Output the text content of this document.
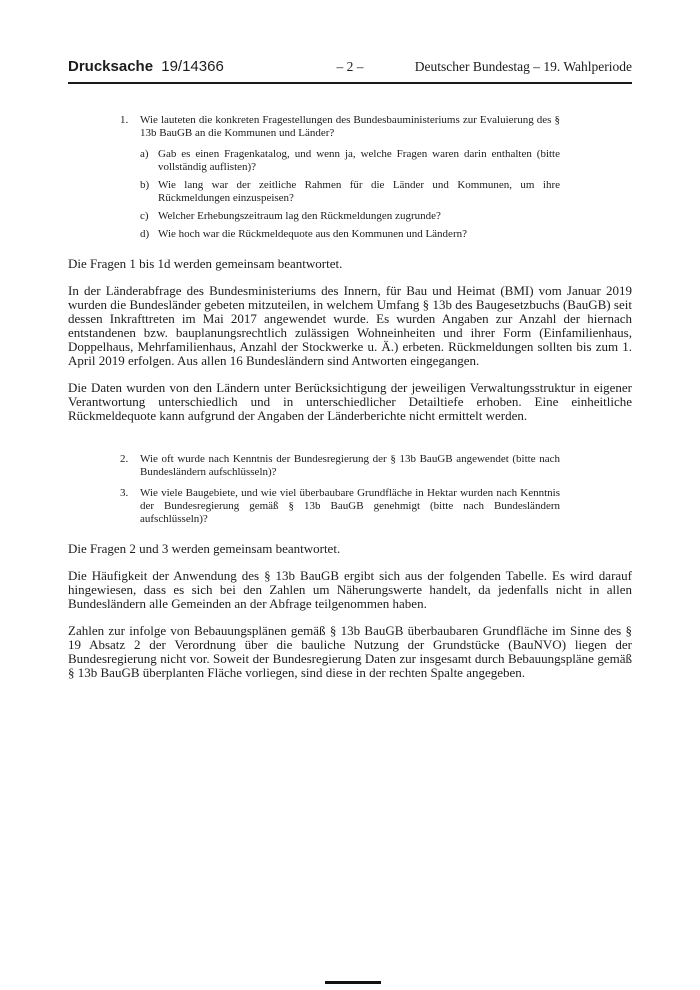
Drucksache 19/14366	– 2 –	Deutscher Bundestag – 19. Wahlperiode
1.	Wie lauteten die konkreten Fragestellungen des Bundesbauministeriums zur Evaluierung des § 13b BauGB an die Kommunen und Länder?
a) Gab es einen Fragenkatalog, und wenn ja, welche Fragen waren darin enthalten (bitte vollständig auflisten)?
b) Wie lang war der zeitliche Rahmen für die Länder und Kommunen, um ihre Rückmeldungen einzuspeisen?
c) Welcher Erhebungszeitraum lag den Rückmeldungen zugrunde?
d) Wie hoch war die Rückmeldequote aus den Kommunen und Ländern?

Die Fragen 1 bis 1d werden gemeinsam beantwortet.

In der Länderabfrage des Bundesministeriums des Innern, für Bau und Heimat (BMI) vom Januar 2019 wurden die Bundesländer gebeten mitzuteilen, in welchem Umfang § 13b des Baugesetzbuchs (BauGB) seit dessen Inkrafttreten im Mai 2017 angewendet wurde. Es wurden Angaben zur Anzahl der hiernach entstandenen bzw. bauplanungsrechtlich zulässigen Wohneinheiten und ihrer Form (Einfamilienhaus, Doppelhaus, Mehrfamilienhaus, Anzahl der Stockwerke u. Ä.) erbeten. Rückmeldungen sollten bis zum 1. April 2019 erfolgen. Aus allen 16 Bundesländern sind Antworten eingegangen.

Die Daten wurden von den Ländern unter Berücksichtigung der jeweiligen Verwaltungsstruktur in eigener Verantwortung unterschiedlich und in unterschiedlicher Detailtiefe erhoben. Eine einheitliche Rückmeldequote kann aufgrund der Angaben der Länderberichte nicht ermittelt werden.

2.	Wie oft wurde nach Kenntnis der Bundesregierung der § 13b BauGB angewendet (bitte nach Bundesländern aufschlüsseln)?
3.	Wie viele Baugebiete, und wie viel überbaubare Grundfläche in Hektar wurden nach Kenntnis der Bundesregierung gemäß § 13b BauGB genehmigt (bitte nach Bundesländern aufschlüsseln)?

Die Fragen 2 und 3 werden gemeinsam beantwortet.

Die Häufigkeit der Anwendung des § 13b BauGB ergibt sich aus der folgenden Tabelle. Es wird darauf hingewiesen, dass es sich bei den Zahlen um Näherungswerte handelt, da jedenfalls nicht in allen Bundesländern alle Gemeinden an der Abfrage teilgenommen haben.

Zahlen zur infolge von Bebauungsplänen gemäß § 13b BauGB überbaubaren Grundfläche im Sinne des § 19 Absatz 2 der Verordnung über die bauliche Nutzung der Grundstücke (BauNVO) liegen der Bundesregierung nicht vor. Soweit der Bundesregierung Daten zur insgesamt durch Bebauungspläne gemäß § 13b BauGB überplanten Fläche vorliegen, sind diese in der rechten Spalte angegeben.
